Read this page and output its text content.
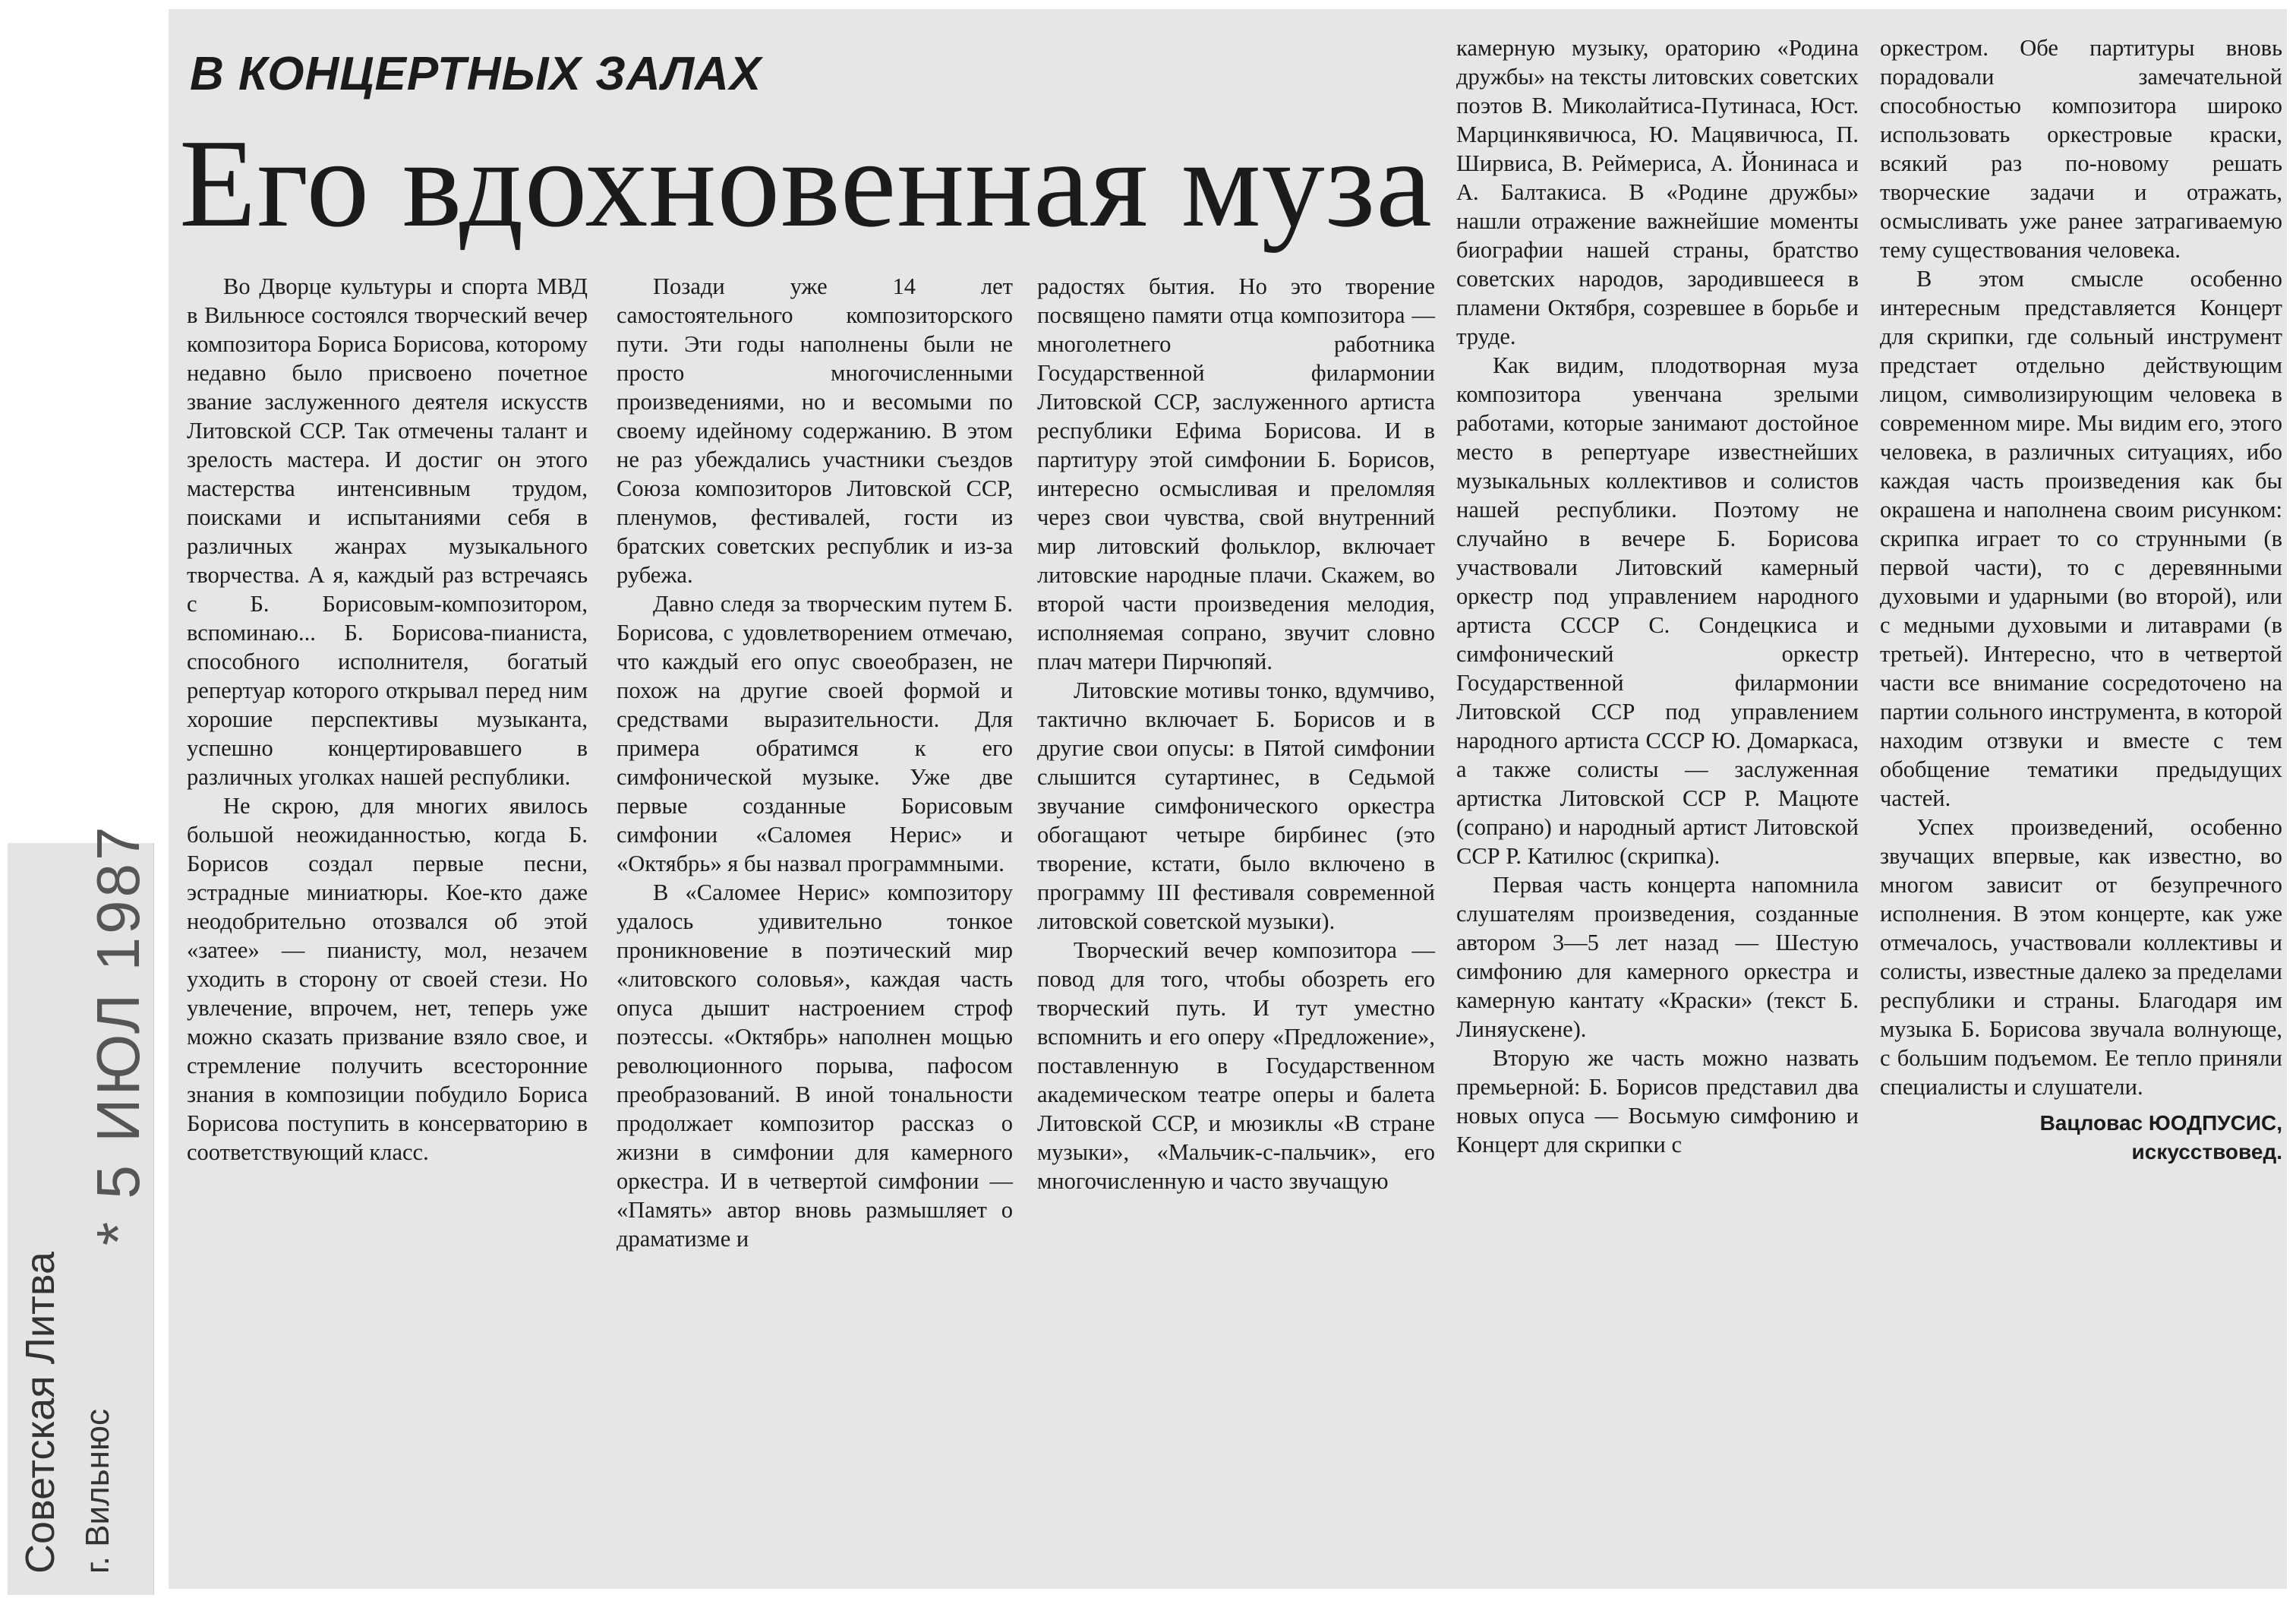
Советская Литва г. Вильнюс
* 5 ИЮЛ 1987
В КОНЦЕРТНЫХ ЗАЛАХ
Его вдохновенная муза

Во Дворце культуры и спорта МВД в Вильнюсе состоялся творческий вечер композитора Бориса Борисова, которому недавно было присвоено почетное звание заслуженного деятеля искусств Литовской ССР. Так отмечены талант и зрелость мастера. И достиг он этого мастерства интенсивным трудом, поисками и испытаниями себя в различных жанрах музыкального творчества. А я, каждый раз встречаясь с Б. Борисовым-композитором, вспоминаю... Б. Борисова-пианиста, способного исполнителя, богатый репертуар которого открывал перед ним хорошие перспективы музыканта, успешно концертировавшего в различных уголках нашей республики.

Не скрою, для многих явилось большой неожиданностью, когда Б. Борисов создал первые песни, эстрадные миниатюры. Кое-кто даже неодобрительно отозвался об этой «затее» — пианисту, мол, незачем уходить в сторону от своей стези. Но увлечение, впрочем, нет, теперь уже можно сказать призвание взяло свое, и стремление получить всесторонние знания в композиции побудило Бориса Борисова поступить в консерваторию в соответствующий класс.

Позади уже 14 лет самостоятельного композиторского пути. Эти годы наполнены были не просто многочисленными произведениями, но и весомыми по своему идейному содержанию. В этом не раз убеждались участники съездов Союза композиторов Литовской ССР, пленумов, фестивалей, гости из братских советских республик и из-за рубежа.

Давно следя за творческим путем Б. Борисова, с удовлетворением отмечаю, что каждый его опус своеобразен, не похож на другие своей формой и средствами выразительности. Для примера обратимся к его симфонической музыке. Уже две первые созданные Борисовым симфонии «Саломея Нерис» и «Октябрь» я бы назвал программными.

В «Саломее Нерис» композитору удалось удивительно тонкое проникновение в поэтический мир «литовского соловья», каждая часть опуса дышит настроением строф поэтессы. «Октябрь» наполнен мощью революционного порыва, пафосом преобразований. В иной тональности продолжает композитор рассказ о жизни в симфонии для камерного оркестра. И в четвертой симфонии — «Память» автор вновь размышляет о драматизме и

радостях бытия. Но это творение посвящено памяти отца композитора — многолетнего работника Государственной филармонии Литовской ССР, заслуженного артиста республики Ефима Борисова. И в партитуру этой симфонии Б. Борисов, интересно осмысливая и преломляя через свои чувства, свой внутренний мир литовский фольклор, включает литовские народные плачи. Скажем, во второй части произведения мелодия, исполняемая сопрано, звучит словно плач матери Пирчюпяй.

Литовские мотивы тонко, вдумчиво, тактично включает Б. Борисов и в другие свои опусы: в Пятой симфонии слышится сутартинес, в Седьмой звучание симфонического оркестра обогащают четыре бирбинес (это творение, кстати, было включено в программу III фестиваля современной литовской советской музыки).

Творческий вечер композитора — повод для того, чтобы обозреть его творческий путь. И тут уместно вспомнить и его оперу «Предложение», поставленную в Государственном академическом театре оперы и балета Литовской ССР, и мюзиклы «В стране музыки», «Мальчик-с-пальчик», его многочисленную и часто звучащую

камерную музыку, ораторию «Родина дружбы» на тексты литовских советских поэтов В. Миколайтиса-Путинаса, Юст. Марцинкявичюса, Ю. Мацявичюса, П. Ширвиса, В. Реймериса, А. Йонинаса и А. Балтакиса. В «Родине дружбы» нашли отражение важнейшие моменты биографии нашей страны, братство советских народов, зародившееся в пламени Октября, созревшее в борьбе и труде.

Как видим, плодотворная муза композитора увенчана зрелыми работами, которые занимают достойное место в репертуаре известнейших музыкальных коллективов и солистов нашей республики. Поэтому не случайно в вечере Б. Борисова участвовали Литовский камерный оркестр под управлением народного артиста СССР С. Сондецкиса и симфонический оркестр Государственной филармонии Литовской ССР под управлением народного артиста СССР Ю. Домаркаса, а также солисты — заслуженная артистка Литовской ССР Р. Мацюте (сопрано) и народный артист Литовской ССР Р. Катилюс (скрипка).

Первая часть концерта напомнила слушателям произведения, созданные автором 3—5 лет назад — Шестую симфонию для камерного оркестра и камерную кантату «Краски» (текст Б. Линяускене).

Вторую же часть можно назвать премьерной: Б. Борисов представил два новых опуса — Восьмую симфонию и Концерт для скрипки с

оркестром. Обе партитуры вновь порадовали замечательной способностью композитора широко использовать оркестровые краски, всякий раз по-новому решать творческие задачи и отражать, осмысливать уже ранее затрагиваемую тему существования человека.

В этом смысле особенно интересным представляется Концерт для скрипки, где сольный инструмент предстает отдельно действующим лицом, символизирующим человека в современном мире. Мы видим его, этого человека, в различных ситуациях, ибо каждая часть произведения как бы окрашена и наполнена своим рисунком: скрипка играет то со струнными (в первой части), то с деревянными духовыми и ударными (во второй), или с медными духовыми и литаврами (в третьей). Интересно, что в четвертой части все внимание сосредоточено на партии сольного инструмента, в которой находим отзвуки и вместе с тем обобщение тематики предыдущих частей.

Успех произведений, особенно звучащих впервые, как известно, во многом зависит от безупречного исполнения. В этом концерте, как уже отмечалось, участвовали коллективы и солисты, известные далеко за пределами республики и страны. Благодаря им музыка Б. Борисова звучала волнующе, с большим подъемом. Ее тепло приняли специалисты и слушатели.

Вацловас ЮОДПУСИС,
искусствовед.
